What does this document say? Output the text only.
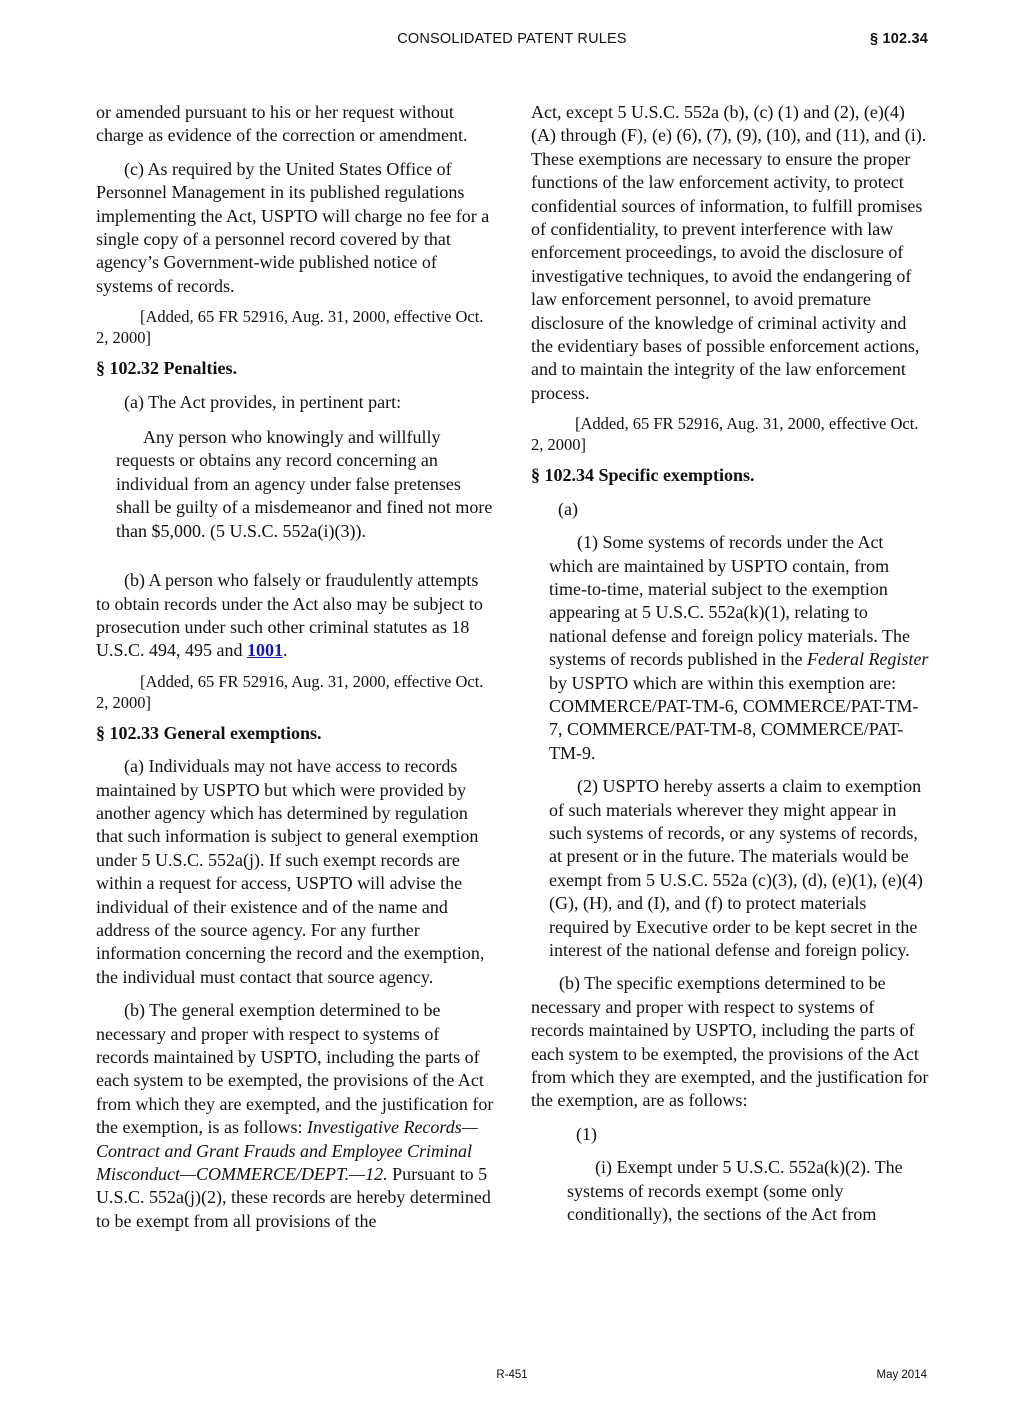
CONSOLIDATED PATENT RULES	§ 102.34

or amended pursuant to his or her request without charge as evidence of the correction or amendment.

(c) As required by the United States Office of Personnel Management in its published regulations implementing the Act, USPTO will charge no fee for a single copy of a personnel record covered by that agency’s Government-wide published notice of systems of records.

[Added, 65 FR 52916, Aug. 31, 2000, effective Oct. 2, 2000]

§ 102.32 Penalties.

(a) The Act provides, in pertinent part:

Any person who knowingly and willfully requests or obtains any record concerning an individual from an agency under false pretenses shall be guilty of a misdemeanor and fined not more than $5,000. (5 U.S.C. 552a(i)(3)).

(b) A person who falsely or fraudulently attempts to obtain records under the Act also may be subject to prosecution under such other criminal statutes as 18 U.S.C. 494, 495 and 1001.

[Added, 65 FR 52916, Aug. 31, 2000, effective Oct. 2, 2000]

§ 102.33 General exemptions.

(a) Individuals may not have access to records maintained by USPTO but which were provided by another agency which has determined by regulation that such information is subject to general exemption under 5 U.S.C. 552a(j). If such exempt records are within a request for access, USPTO will advise the individual of their existence and of the name and address of the source agency. For any further information concerning the record and the exemption, the individual must contact that source agency.

(b) The general exemption determined to be necessary and proper with respect to systems of records maintained by USPTO, including the parts of each system to be exempted, the provisions of the Act from which they are exempted, and the justification for the exemption, is as follows: Investigative Records—Contract and Grant Frauds and Employee Criminal Misconduct—COMMERCE/DEPT.—12. Pursuant to 5 U.S.C. 552a(j)(2), these records are hereby determined to be exempt from all provisions of the

Act, except 5 U.S.C. 552a (b), (c) (1) and (2), (e)(4) (A) through (F), (e) (6), (7), (9), (10), and (11), and (i). These exemptions are necessary to ensure the proper functions of the law enforcement activity, to protect confidential sources of information, to fulfill promises of confidentiality, to prevent interference with law enforcement proceedings, to avoid the disclosure of investigative techniques, to avoid the endangering of law enforcement personnel, to avoid premature disclosure of the knowledge of criminal activity and the evidentiary bases of possible enforcement actions, and to maintain the integrity of the law enforcement process.

[Added, 65 FR 52916, Aug. 31, 2000, effective Oct. 2, 2000]

§ 102.34 Specific exemptions.

(a)

(1) Some systems of records under the Act which are maintained by USPTO contain, from time-to-time, material subject to the exemption appearing at 5 U.S.C. 552a(k)(1), relating to national defense and foreign policy materials. The systems of records published in the Federal Register by USPTO which are within this exemption are: COMMERCE/PAT-TM-6, COMMERCE/PAT-TM-7, COMMERCE/PAT-TM-8, COMMERCE/PAT-TM-9.

(2) USPTO hereby asserts a claim to exemption of such materials wherever they might appear in such systems of records, or any systems of records, at present or in the future. The materials would be exempt from 5 U.S.C. 552a (c)(3), (d), (e)(1), (e)(4) (G), (H), and (I), and (f) to protect materials required by Executive order to be kept secret in the interest of the national defense and foreign policy.

(b) The specific exemptions determined to be necessary and proper with respect to systems of records maintained by USPTO, including the parts of each system to be exempted, the provisions of the Act from which they are exempted, and the justification for the exemption, are as follows:

(1)

(i) Exempt under 5 U.S.C. 552a(k)(2). The systems of records exempt (some only conditionally), the sections of the Act from

R-451	May 2014
